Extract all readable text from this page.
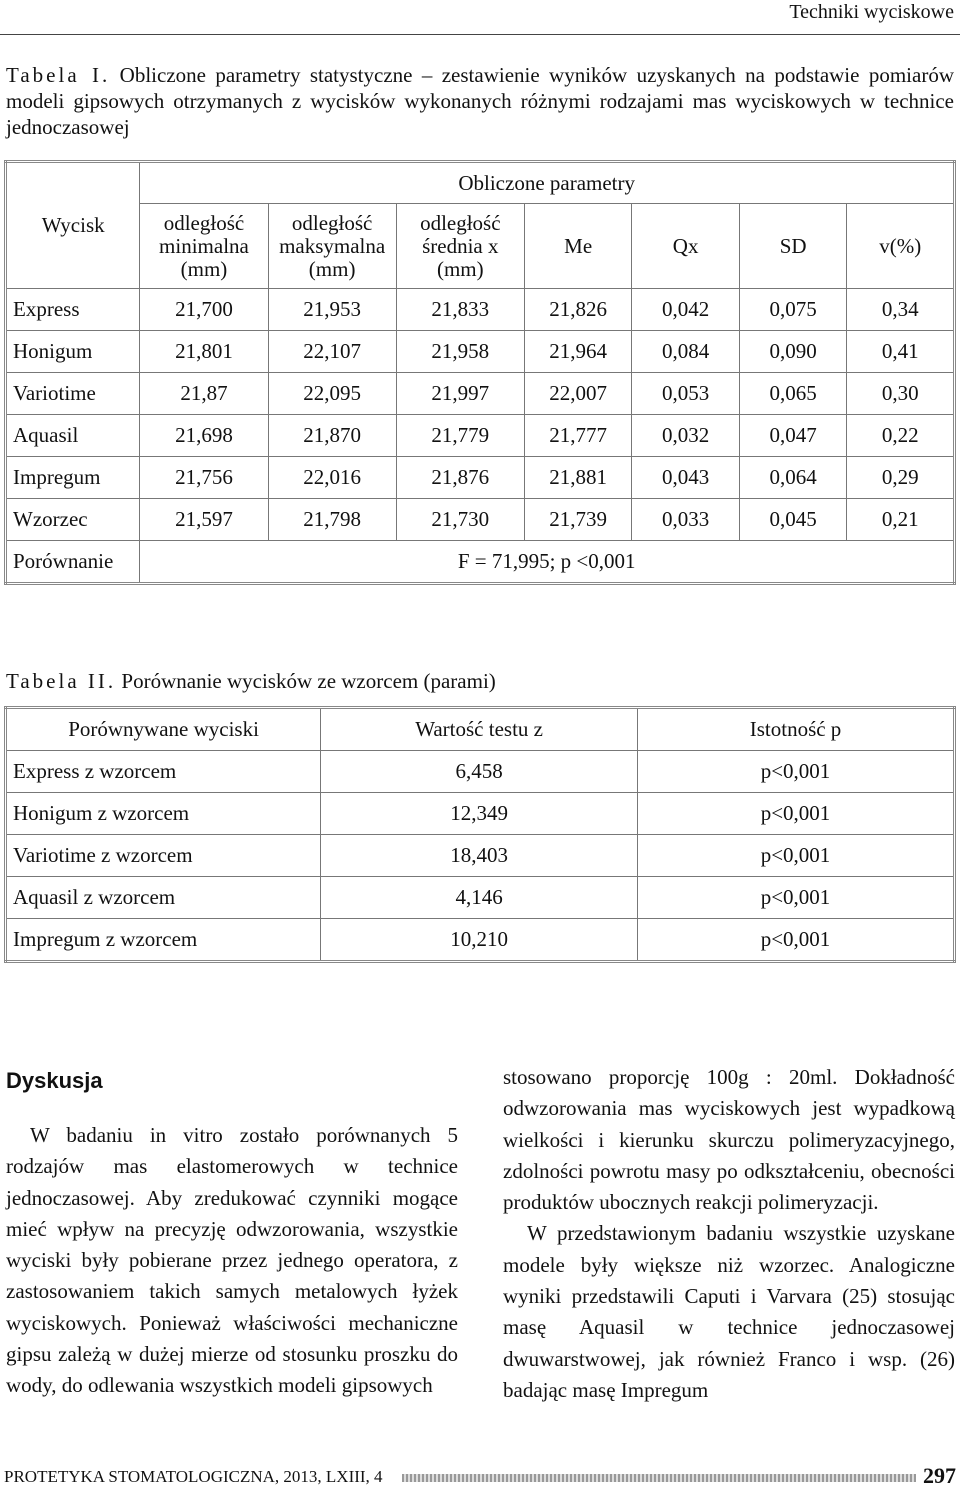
Techniki wyciskowe
Tabela I. Obliczone parametry statystyczne – zestawienie wyników uzyskanych na podstawie pomiarów modeli gipsowych otrzymanych z wycisków wykonanych różnymi rodzajami mas wyciskowych w technice jednoczasowej
Wycisk	Obliczone parametry						
	odległość minimalna (mm)	odległość maksymalna (mm)	odległość średnia x (mm)	Me	Qx	SD	v(%)
Express	21,700	21,953	21,833	21,826	0,042	0,075	0,34
Honigum	21,801	22,107	21,958	21,964	0,084	0,090	0,41
Variotime	21,87	22,095	21,997	22,007	0,053	0,065	0,30
Aquasil	21,698	21,870	21,779	21,777	0,032	0,047	0,22
Impregum	21,756	22,016	21,876	21,881	0,043	0,064	0,29
Wzorzec	21,597	21,798	21,730	21,739	0,033	0,045	0,21
Porównanie	F = 71,995; p <0,001						
Tabela II. Porównanie wycisków ze wzorcem (parami)
Porównywane wyciski	Wartość testu z	Istotność p
Express z wzorcem	6,458	p<0,001
Honigum z wzorcem	12,349	p<0,001
Variotime z wzorcem	18,403	p<0,001
Aquasil z wzorcem	4,146	p<0,001
Impregum z wzorcem	10,210	p<0,001
Dyskusja

W badaniu in vitro zostało porównanych 5 rodzajów mas elastomerowych w technice jednoczasowej. Aby zredukować czynniki mogące mieć wpływ na precyzję odwzorowania, wszystkie wyciski były pobierane przez jednego operatora, z zastosowaniem takich samych metalowych łyżek wyciskowych. Ponieważ właściwości mechaniczne gipsu zależą w dużej mierze od stosunku proszku do wody, do odlewania wszystkich modeli gipsowych

stosowano proporcję 100g : 20ml. Dokładność odwzorowania mas wyciskowych jest wypadkową wielkości i kierunku skurczu polimeryzacyjnego, zdolności powrotu masy po odkształceniu, obecności produktów ubocznych reakcji polimeryzacji.

W przedstawionym badaniu wszystkie uzyskane modele były większe niż wzorzec. Analogiczne wyniki przedstawili Caputi i Varvara (25) stosując masę Aquasil w technice jednoczasowej dwuwarstwowej, jak również Franco i wsp. (26) badając masę Impregum

PROTETYKA STOMATOLOGICZNA, 2013, LXIII, 4	297
